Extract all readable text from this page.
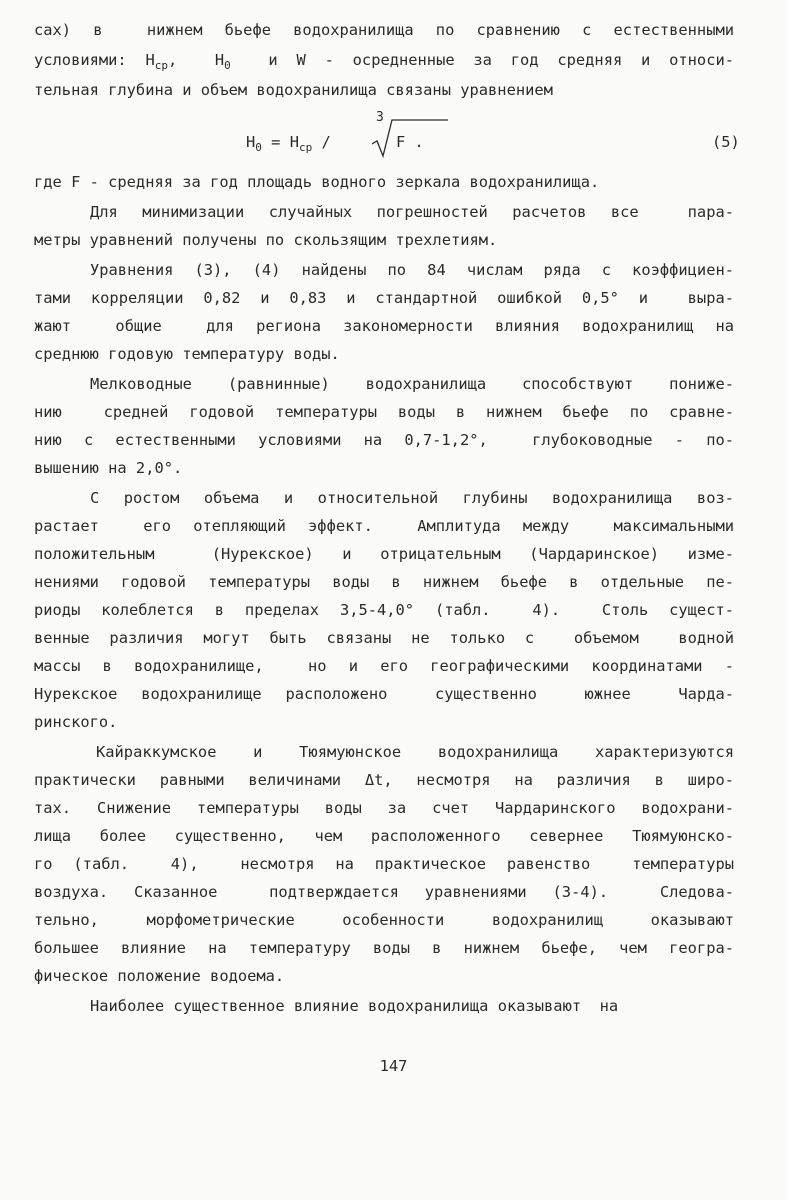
сах) в  нижнем бьефе водохранилища по сравнению с естественными
условиями: $Н_{ср}$,  $Н_0$  и W - осредненные за год средняя и относи-
тельная глубина и объем водохранилища связаны уравнением
$Н_0 = Н_{ср}$ /
3
F .	(5)
где F - средняя за год площадь водного зеркала водохранилища.
Для минимизации случайных погрешностей расчетов все  пара-
метры уравнений получены по скользящим трехлетиям.
Уравнения (3), (4) найдены по 84 числам ряда с коэффициен-
тами корреляции 0,82 и 0,83 и стандартной ошибкой 0,5° и  выра-
жают  общие  для региона закономерности влияния водохранилищ на
среднюю годовую температуру воды.
Мелководные (равнинные) водохранилища способствуют пониже-
нию  средней годовой температуры воды в нижнем бьефе по сравне-
нию с естественными условиями на 0,7-1,2°,  глубоководные - по-
вышению на 2,0°.
С ростом объема и относительной глубины водохранилища воз-
растает  его отепляющий эффект.  Амплитуда между  максимальными
положительным  (Нурекское) и отрицательным (Чардаринское) изме-
нениями годовой температуры воды в нижнем бьефе в отдельные пе-
риоды колеблется в пределах 3,5-4,0° (табл.  4).  Столь сущест-
венные различия могут быть связаны не только с  объемом  водной
массы в водохранилище,  но и его географическими координатами -
Нурекское водохранилище расположено  существенно  южнее  Чарда-
ринского.
Кайраккумское и Тюямуюнское водохранилища характеризуются
практически равными величинами Δt, несмотря на различия в широ-
тах. Снижение температуры воды за счет Чардаринского водохрани-
лища более существенно, чем расположенного севернее Тюямуюнско-
го (табл.  4),  несмотря на практическое равенство  температуры
воздуха. Сказанное  подтверждается уравнениями (3-4).  Следова-
тельно,  морфометрические  особенности  водохранилищ  оказывают
большее влияние на температуру воды в нижнем бьефе, чем геогра-
фическое положение водоема.
Наиболее существенное влияние водохранилища оказывают  на
147
